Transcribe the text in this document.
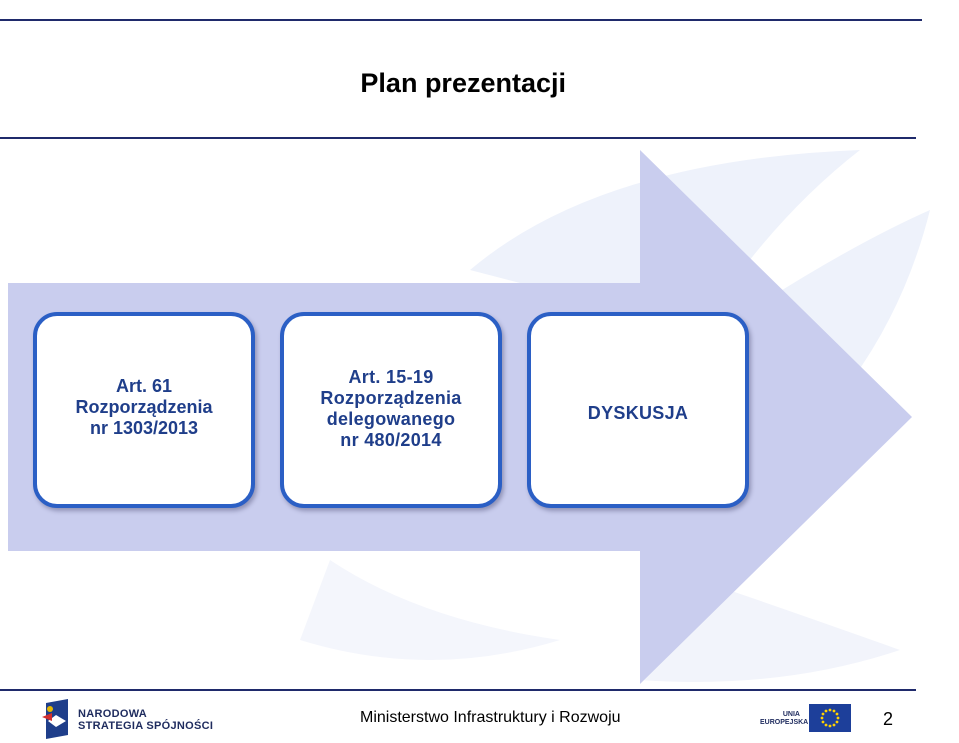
Plan prezentacji
Art. 61
Rozporządzenia
nr 1303/2013
Art. 15-19
Rozporządzenia
delegowanego
nr 480/2014
DYSKUSJA
NARODOWA
STRATEGIA SPÓJNOŚCI	Ministerstwo Infrastruktury i Rozwoju	UNIA
EUROPEJSKA	2
